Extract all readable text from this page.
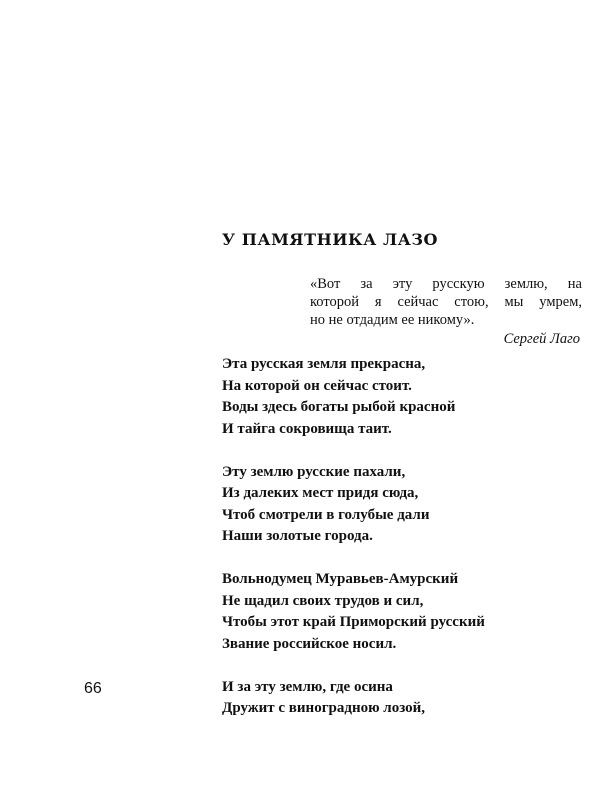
У ПАМЯТНИКА ЛАЗО
«Вот за эту русскую землю, на
которой я сейчас стою, мы умрем,
но не отдадим ее никому».
Сергей Лаго
Эта русская земля прекрасна,
На которой он сейчас стоит.
Воды здесь богаты рыбой красной
И тайга сокровища таит.
Эту землю русские пахали,
Из далеких мест придя сюда,
Чтоб смотрели в голубые дали
Наши золотые города.
Вольнодумец Муравьев-Амурский
Не щадил своих трудов и сил,
Чтобы этот край Приморский русский
Звание российское носил.
И за эту землю, где осина
Дружит с виноградною лозой,
66
